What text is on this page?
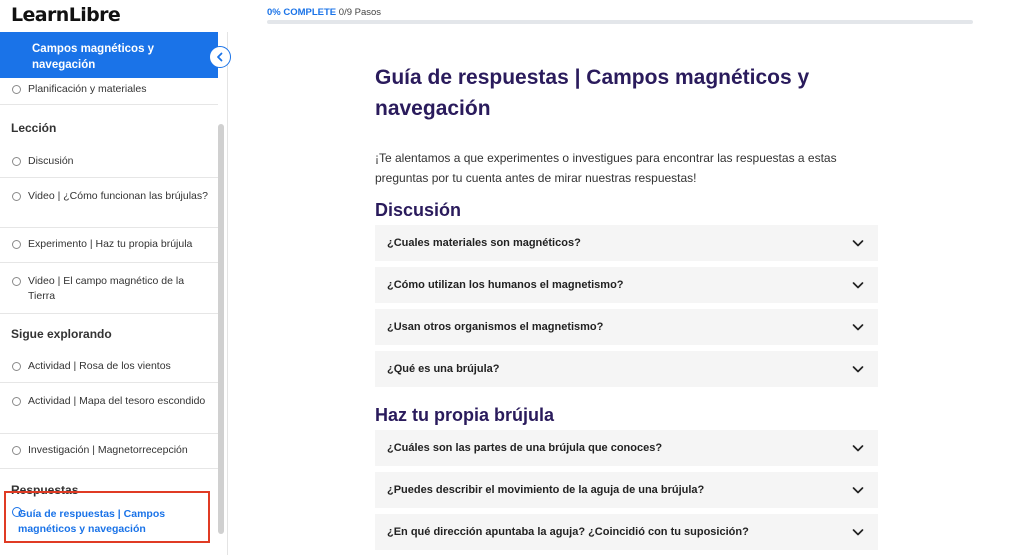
LearnLibre	0% COMPLETE 0/9 Pasos
Campos magnéticos y navegación
Planificación y materiales
Lección
Discusión
Video | ¿Cómo funcionan las brújulas?
Experimento | Haz tu propia brújula
Video | El campo magnético de la Tierra
Sigue explorando
Actividad | Rosa de los vientos
Actividad | Mapa del tesoro escondido
Investigación | Magnetorrecepción
Respuestas
Guía de respuestas | Campos magnéticos y navegación
Guía de respuestas | Campos magnéticos y navegación

¡Te alentamos a que experimentes o investigues para encontrar las respuestas a estas preguntas por tu cuenta antes de mirar nuestras respuestas!

Discusión
¿Cuales materiales son magnéticos?
¿Cómo utilizan los humanos el magnetismo?
¿Usan otros organismos el magnetismo?
¿Qué es una brújula?
Haz tu propia brújula
¿Cuáles son las partes de una brújula que conoces?
¿Puedes describir el movimiento de la aguja de una brújula?
¿En qué dirección apuntaba la aguja? ¿Coincidió con tu suposición?
